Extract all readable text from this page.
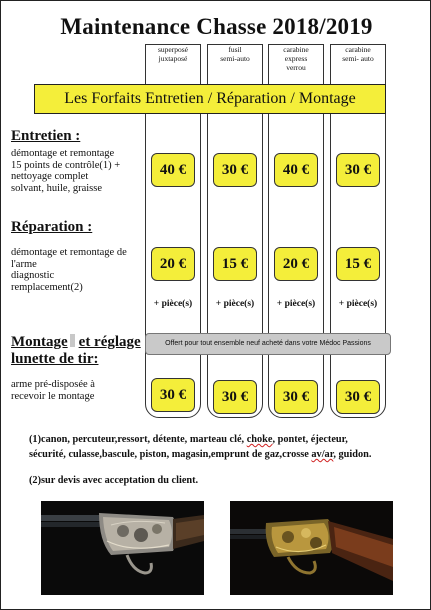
Maintenance Chasse 2018/2019
superposé
juxtaposé
fusil
semi-auto
carabine
express
verrou
carabine
semi- auto
Les Forfaits Entretien / Réparation / Montage
Entretien :
démontage et remontage
15 points de contrôle(1) +
nettoyage complet
solvant, huile, graisse
40 €	30 €	40 €	30 €
Réparation :
démontage et remontage de
l'arme
diagnostic
remplacement(2)
20 €	15 €	20 €	15 €
+ pièce(s)	+ pièce(s)	+ pièce(s)	+ pièce(s)
Montage et réglage
lunette de tir:
Offert pour tout ensemble neuf acheté dans votre Médoc Passions
arme pré-disposée à
recevoir le montage	30 €	30 €	30 €	30 €
(1)canon, percuteur,ressort, détente, marteau clé, choke, pontet, éjecteur,
sécurité, culasse,bascule, piston, magasin,emprunt de gaz,crosse av/ar, guidon.
(2)sur devis avec acceptation du client.
